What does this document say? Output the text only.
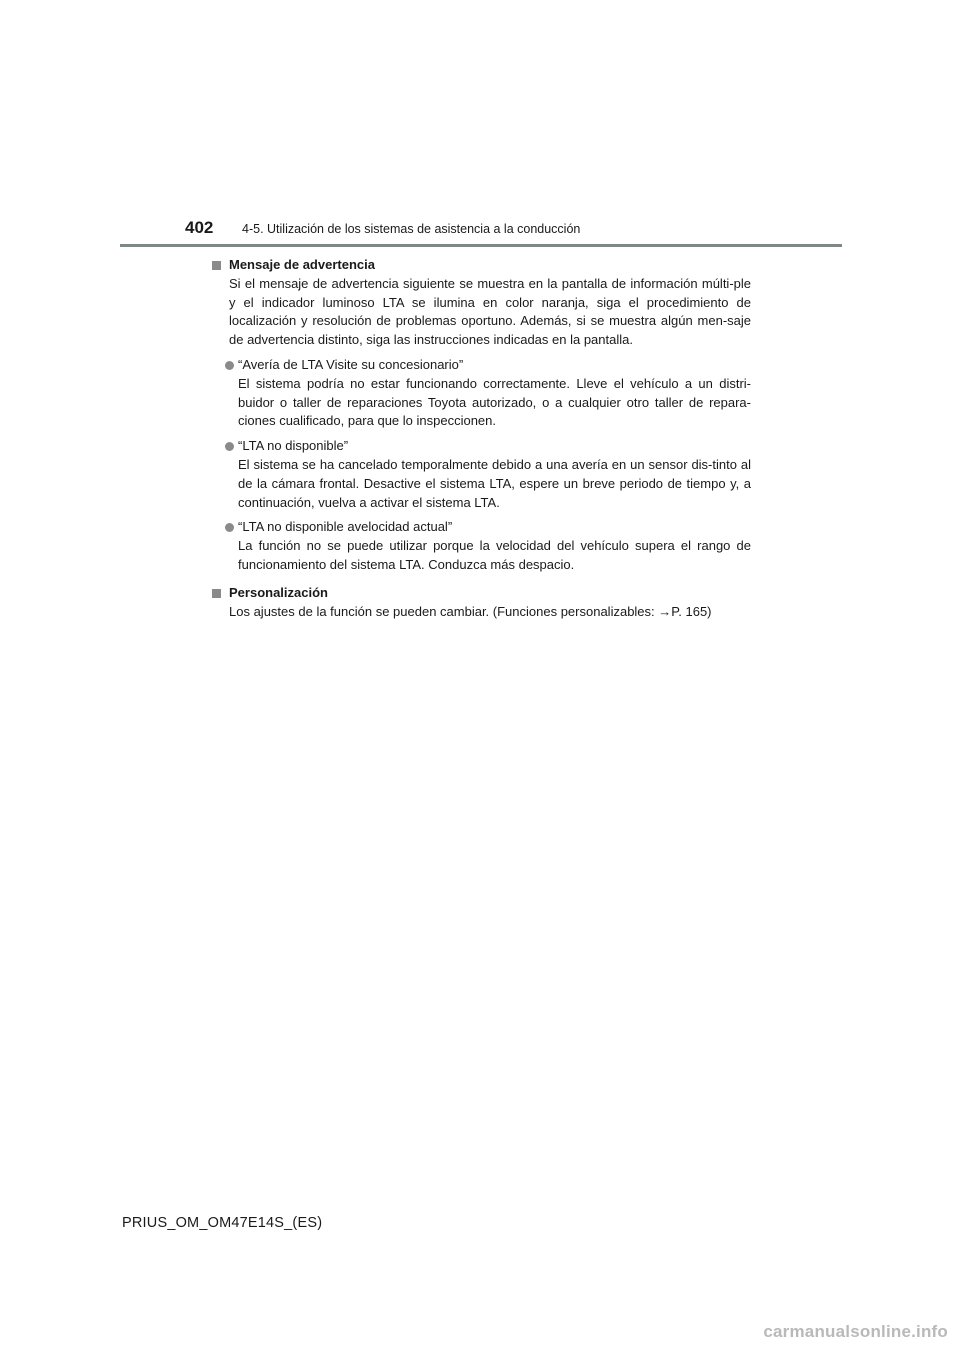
402 4-5. Utilización de los sistemas de asistencia a la conducción
Mensaje de advertencia
Si el mensaje de advertencia siguiente se muestra en la pantalla de información múlti-ple y el indicador luminoso LTA se ilumina en color naranja, siga el procedimiento de localización y resolución de problemas oportuno. Además, si se muestra algún men-saje de advertencia distinto, siga las instrucciones indicadas en la pantalla.
“Avería de LTA Visite su concesionario”
El sistema podría no estar funcionando correctamente. Lleve el vehículo a un distri-buidor o taller de reparaciones Toyota autorizado, o a cualquier otro taller de repara-ciones cualificado, para que lo inspeccionen.
“LTA no disponible”
El sistema se ha cancelado temporalmente debido a una avería en un sensor dis-tinto al de la cámara frontal. Desactive el sistema LTA, espere un breve periodo de tiempo y, a continuación, vuelva a activar el sistema LTA.
“LTA no disponible avelocidad actual”
La función no se puede utilizar porque la velocidad del vehículo supera el rango de funcionamiento del sistema LTA. Conduzca más despacio.
Personalización
Los ajustes de la función se pueden cambiar. (Funciones personalizables: →P. 165)
PRIUS_OM_OM47E14S_(ES)
carmanualsonline.info
